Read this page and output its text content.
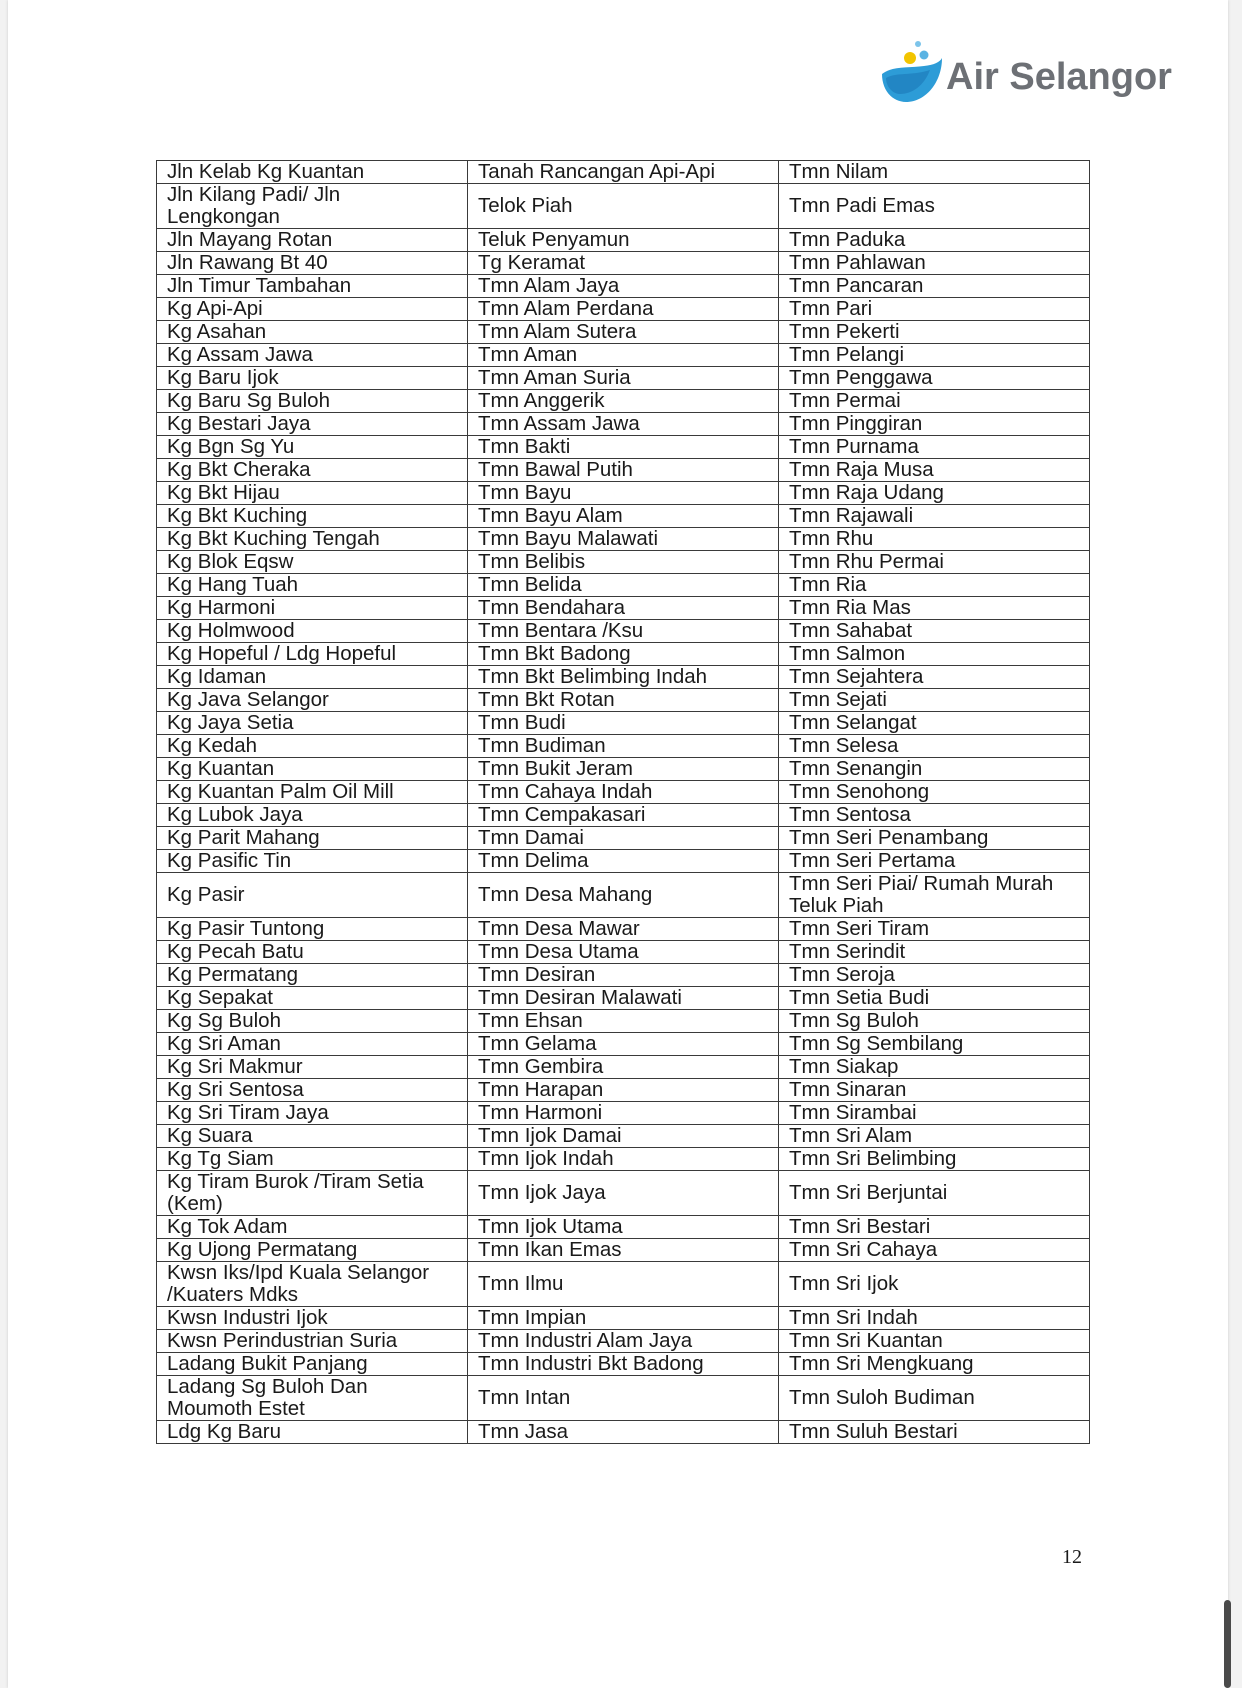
Air Selangor
Jln Kelab Kg Kuantan	Tanah Rancangan Api-Api	Tmn Nilam
Jln Kilang Padi/ Jln Lengkongan	Telok Piah	Tmn Padi Emas
Jln Mayang Rotan	Teluk Penyamun	Tmn Paduka
Jln Rawang Bt 40	Tg Keramat	Tmn Pahlawan
Jln Timur Tambahan	Tmn Alam Jaya	Tmn Pancaran
Kg Api-Api	Tmn Alam Perdana	Tmn Pari
Kg Asahan	Tmn Alam Sutera	Tmn Pekerti
Kg Assam Jawa	Tmn Aman	Tmn Pelangi
Kg Baru Ijok	Tmn Aman Suria	Tmn Penggawa
Kg Baru Sg Buloh	Tmn Anggerik	Tmn Permai
Kg Bestari Jaya	Tmn Assam Jawa	Tmn Pinggiran
Kg Bgn Sg Yu	Tmn Bakti	Tmn Purnama
Kg Bkt Cheraka	Tmn Bawal Putih	Tmn Raja Musa
Kg Bkt Hijau	Tmn Bayu	Tmn Raja Udang
Kg Bkt Kuching	Tmn Bayu Alam	Tmn Rajawali
Kg Bkt Kuching Tengah	Tmn Bayu Malawati	Tmn Rhu
Kg Blok Eqsw	Tmn Belibis	Tmn Rhu Permai
Kg Hang Tuah	Tmn Belida	Tmn Ria
Kg Harmoni	Tmn Bendahara	Tmn Ria Mas
Kg Holmwood	Tmn Bentara /Ksu	Tmn Sahabat
Kg Hopeful / Ldg Hopeful	Tmn Bkt Badong	Tmn Salmon
Kg Idaman	Tmn Bkt Belimbing Indah	Tmn Sejahtera
Kg Java Selangor	Tmn Bkt Rotan	Tmn Sejati
Kg Jaya Setia	Tmn Budi	Tmn Selangat
Kg Kedah	Tmn Budiman	Tmn Selesa
Kg Kuantan	Tmn Bukit Jeram	Tmn Senangin
Kg Kuantan Palm Oil Mill	Tmn Cahaya Indah	Tmn Senohong
Kg Lubok Jaya	Tmn Cempakasari	Tmn Sentosa
Kg Parit Mahang	Tmn Damai	Tmn Seri Penambang
Kg Pasific Tin	Tmn Delima	Tmn Seri Pertama
Kg Pasir	Tmn Desa Mahang	Tmn Seri Piai/ Rumah Murah Teluk Piah
Kg Pasir Tuntong	Tmn Desa Mawar	Tmn Seri Tiram
Kg Pecah Batu	Tmn Desa Utama	Tmn Serindit
Kg Permatang	Tmn Desiran	Tmn Seroja
Kg Sepakat	Tmn Desiran Malawati	Tmn Setia Budi
Kg Sg Buloh	Tmn Ehsan	Tmn Sg Buloh
Kg Sri Aman	Tmn Gelama	Tmn Sg Sembilang
Kg Sri Makmur	Tmn Gembira	Tmn Siakap
Kg Sri Sentosa	Tmn Harapan	Tmn Sinaran
Kg Sri Tiram Jaya	Tmn Harmoni	Tmn Sirambai
Kg Suara	Tmn Ijok Damai	Tmn Sri Alam
Kg Tg Siam	Tmn Ijok Indah	Tmn Sri Belimbing
Kg Tiram Burok /Tiram Setia (Kem)	Tmn Ijok Jaya	Tmn Sri Berjuntai
Kg Tok Adam	Tmn Ijok Utama	Tmn Sri Bestari
Kg Ujong Permatang	Tmn Ikan Emas	Tmn Sri Cahaya
Kwsn Iks/Ipd Kuala Selangor /Kuaters Mdks	Tmn Ilmu	Tmn Sri Ijok
Kwsn Industri Ijok	Tmn Impian	Tmn Sri Indah
Kwsn Perindustrian Suria	Tmn Industri Alam Jaya	Tmn Sri Kuantan
Ladang Bukit Panjang	Tmn Industri Bkt Badong	Tmn Sri Mengkuang
Ladang Sg Buloh Dan Moumoth Estet	Tmn Intan	Tmn Suloh Budiman
Ldg Kg Baru	Tmn Jasa	Tmn Suluh Bestari
12
